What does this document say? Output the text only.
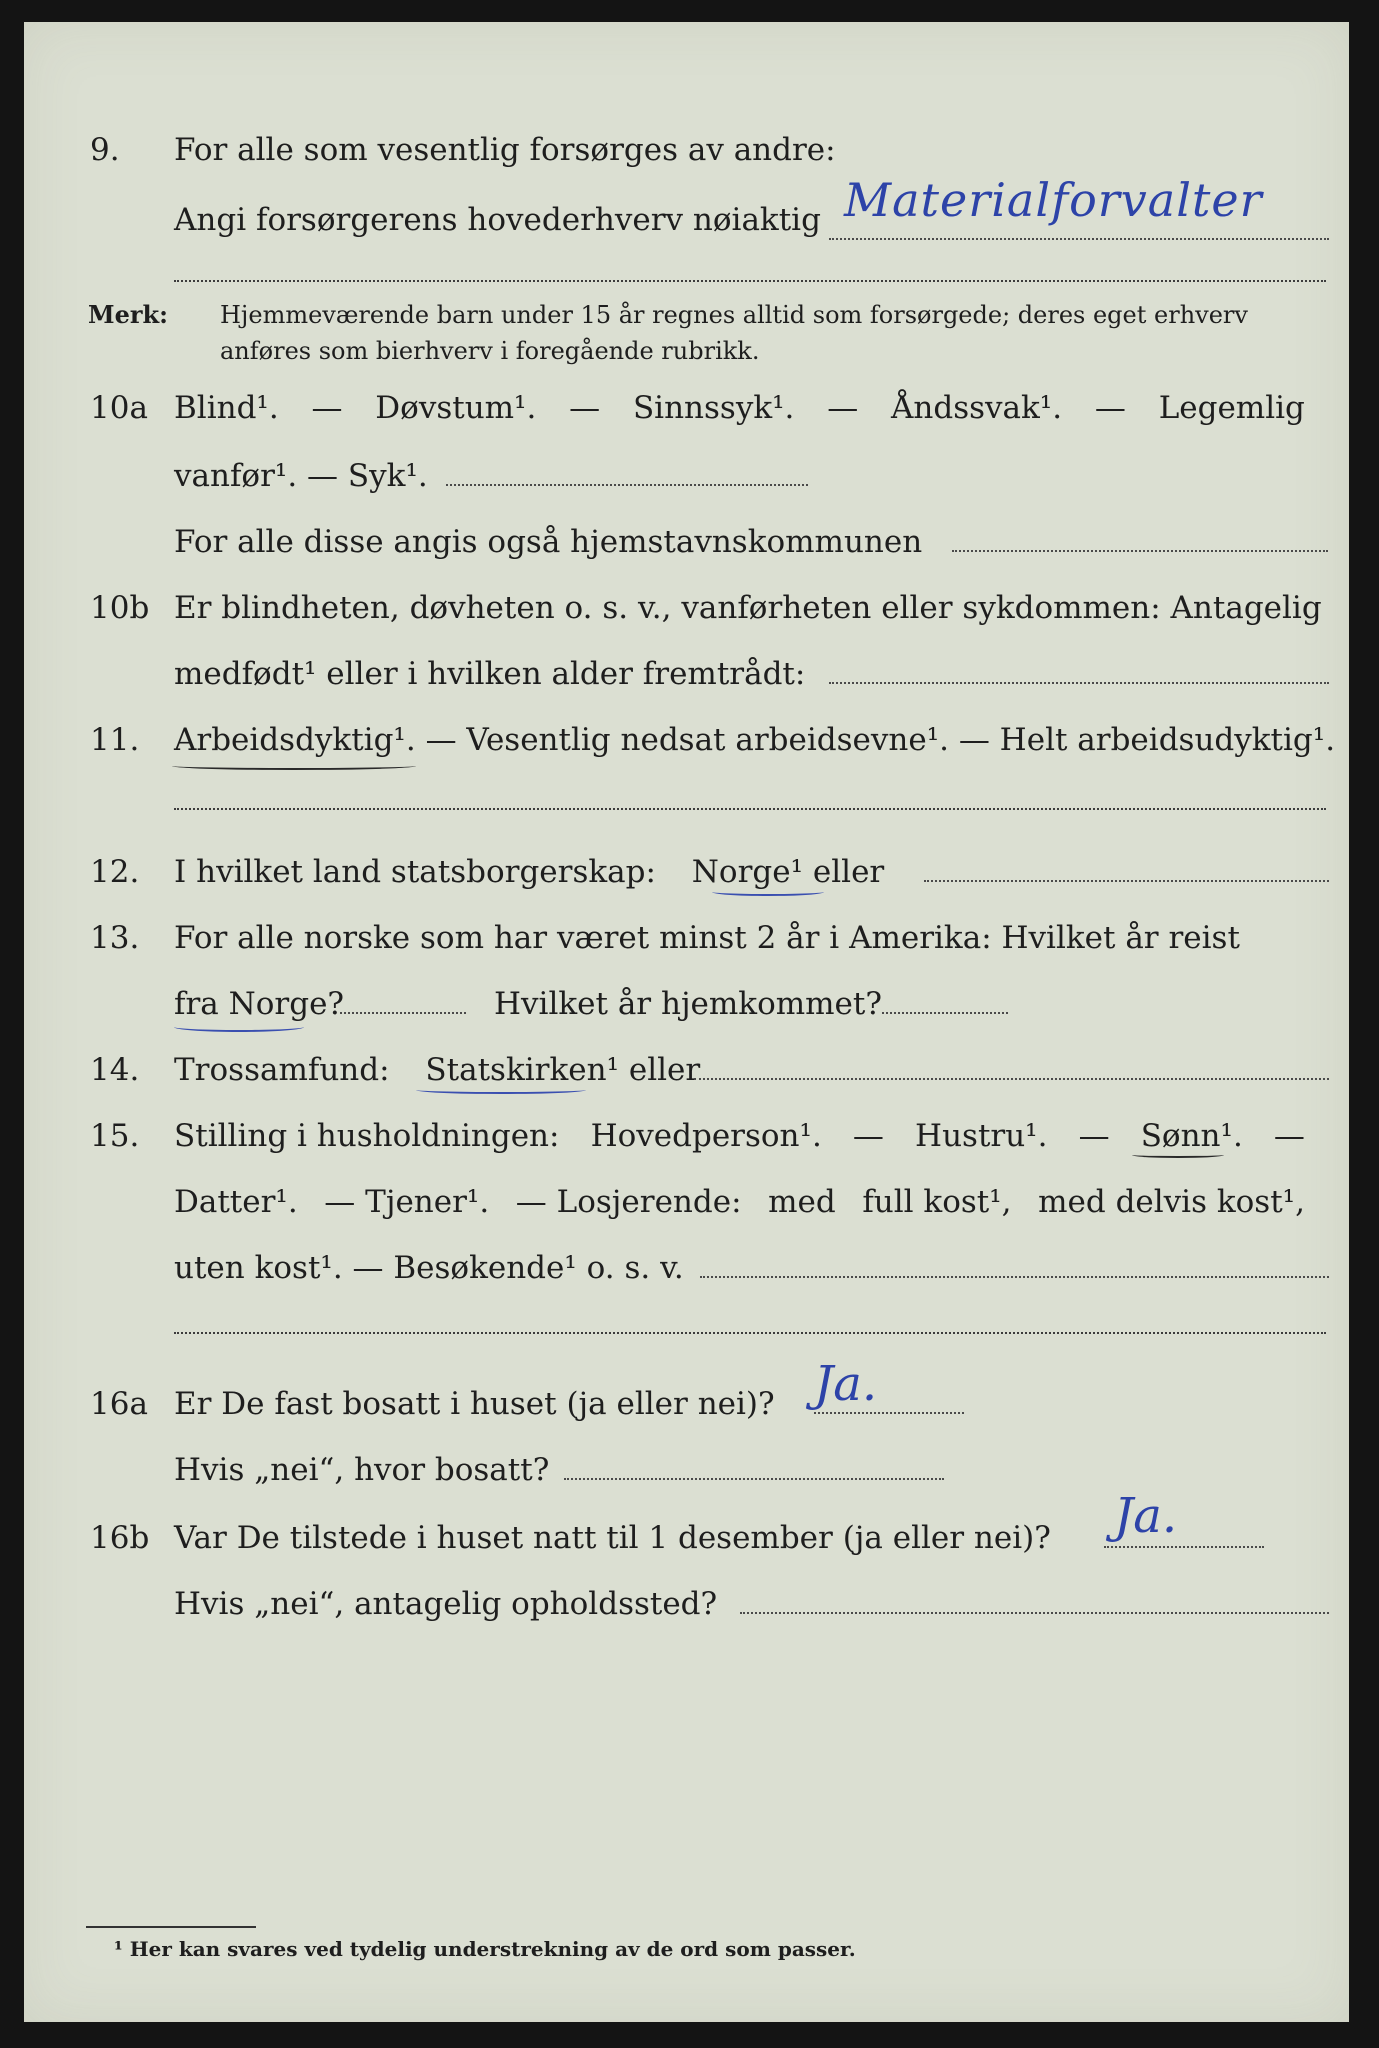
9. For alle som vesentlig forsørges av andre:
Angi forsørgerens hovederhverv nøiaktig Materialforvalter
Merk: Hjemmeværende barn under 15 år regnes alltid som forsørgede; deres eget erhverv
anføres som bierhverv i foregående rubrikk.
10a Blind¹. — Døvstum¹. — Sinnssyk¹. — Åndssvak¹. — Legemlig
vanfør¹. — Syk¹.
For alle disse angis også hjemstavnskommunen
10b Er blindheten, døvheten o. s. v., vanførheten eller sykdommen: Antagelig
medfødt¹ eller i hvilken alder fremtrådt:
11. Arbeidsdyktig¹. — Vesentlig nedsat arbeidsevne¹. — Helt arbeidsudyktig¹.
12. I hvilket land statsborgerskap: Norge¹ eller
13. For alle norske som har været minst 2 år i Amerika: Hvilket år reist
fra Norge?	Hvilket år hjemkommet?
14. Trossamfund: Statskirken¹ eller
15. Stilling i husholdningen: Hovedperson¹. — Hustru¹. — Sønn¹. —
Datter¹. — Tjener¹. — Losjerende: med full kost¹, med delvis kost¹,
uten kost¹. — Besøkende¹ o. s. v.
16a Er De fast bosatt i huset (ja eller nei)? Ja.
Hvis „nei“, hvor bosatt?
16b Var De tilstede i huset natt til 1 desember (ja eller nei)? Ja.
Hvis „nei“, antagelig opholdssted?
¹ Her kan svares ved tydelig understrekning av de ord som passer.
